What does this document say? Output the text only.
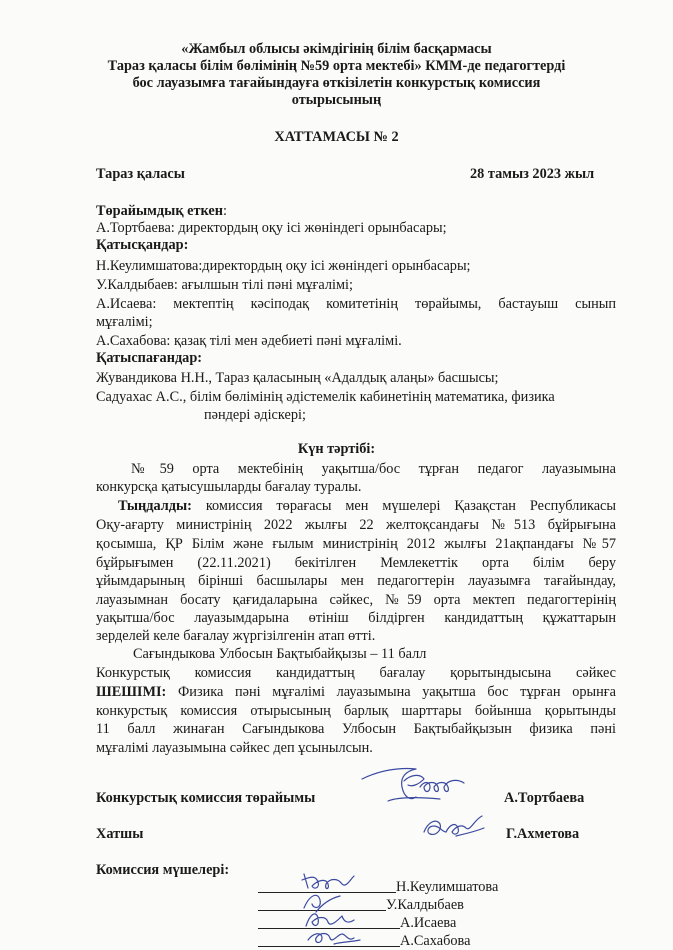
«Жамбыл облысы әкімдігінің білім басқармасы
Тараз қаласы білім бөлімінің №59 орта мектебі» КММ-де педагогтерді
бос лауазымға тағайындауға өткізілетін конкурстық комиссия
отырысының
ХАТТАМАСЫ № 2
Тараз қаласы	28 тамыз 2023 жыл
Төрайымдық еткен:
А.Тортбаева: директордың оқу ісі жөніндегі орынбасары;
Қатысқандар:
Н.Кеулимшатова:директордың оқу ісі жөніндегі орынбасары;
У.Калдыбаев: ағылшын тілі пәні мұғалімі;
А.Исаева: мектептің кәсіподақ комитетінің төрайымы, бастауыш сынып
мұғалімі;
А.Сахабова: қазақ тілі мен әдебиеті пәні мұғалімі.
Қатыспағандар:
Жувандикова Н.Н., Тараз қаласының «Адалдық алаңы» басшысы;
Садуахас А.С., білім бөлімінің әдістемелік кабинетінің математика, физика
пәндері әдіскері;
Күн тәртібі:
№59 орта мектебінің уақытша/бос тұрған педагог лауазымына
конкурсқа қатысушыларды бағалау туралы.
Тыңдалды: комиссия төрағасы мен мүшелері Қазақстан Республикасы
Оқу-ағарту министрінің 2022 жылғы 22 желтоқсандағы №513 бұйрығына
қосымша, ҚР Білім және ғылым министрінің 2012 жылғы 21ақпандағы №57
бұйрығымен (22.11.2021) бекітілген Мемлекеттік орта білім беру
ұйымдарының бірінші басшылары мен педагогтерін лауазымға тағайындау,
лауазымнан босату қағидаларына сәйкес, №59 орта мектеп педагогтерінің
уақытша/бос лауазымдарына өтініш білдірген кандидаттың құжаттарын
зерделей келе бағалау жүргізілгенін атап өтті.
Сағындыкова Улбосын Бақтыбайқызы – 11 балл
Конкурстық комиссия кандидаттың бағалау қорытындысына сәйкес
ШЕШІМІ: Физика пәні мұғалімі лауазымына уақытша бос тұрған орынға
конкурстық комиссия отырысының барлық шарттары бойынша қорытынды
11 балл жинаған Сағындыкова Улбосын Бақтыбайқызын физика пәні
мұғалімі лауазымына сәйкес деп ұсынылсын.
Конкурстық комиссия төрайымы	А.Тортбаева
Хатшы	Г.Ахметова
Комиссия мүшелері:
Н.Кеулимшатова
У.Калдыбаев
А.Исаева
А.Сахабова
